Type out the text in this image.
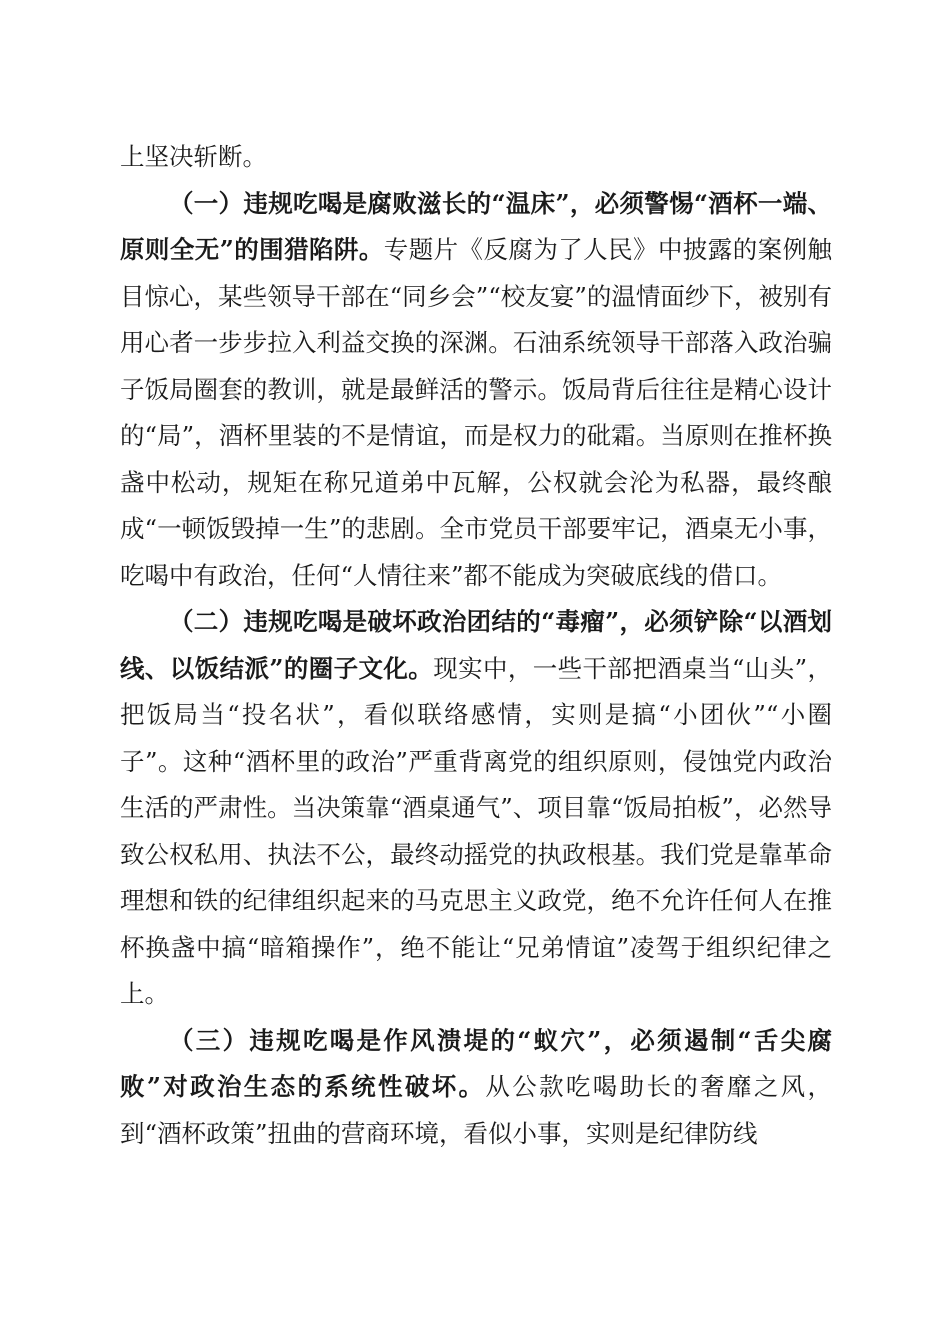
上坚决斩断。

（一）违规吃喝是腐败滋长的“温床”，必须警惕“酒杯一端、原则全无”的围猎陷阱。专题片《反腐为了人民》中披露的案例触目惊心，某些领导干部在“同乡会”“校友宴”的温情面纱下，被别有用心者一步步拉入利益交换的深渊。石油系统领导干部落入政治骗子饭局圈套的教训，就是最鲜活的警示。饭局背后往往是精心设计的“局”，酒杯里装的不是情谊，而是权力的砒霜。当原则在推杯换盏中松动，规矩在称兄道弟中瓦解，公权就会沦为私器，最终酿成“一顿饭毁掉一生”的悲剧。全市党员干部要牢记，酒桌无小事，吃喝中有政治，任何“人情往来”都不能成为突破底线的借口。

（二）违规吃喝是破坏政治团结的“毒瘤”，必须铲除“以酒划线、以饭结派”的圈子文化。现实中，一些干部把酒桌当“山头”，把饭局当“投名状”，看似联络感情，实则是搞“小团伙”“小圈子”。这种“酒杯里的政治”严重背离党的组织原则，侵蚀党内政治生活的严肃性。当决策靠“酒桌通气”、项目靠“饭局拍板”，必然导致公权私用、执法不公，最终动摇党的执政根基。我们党是靠革命理想和铁的纪律组织起来的马克思主义政党，绝不允许任何人在推杯换盏中搞“暗箱操作”，绝不能让“兄弟情谊”凌驾于组织纪律之上。

（三）违规吃喝是作风溃堤的“蚁穴”，必须遏制“舌尖腐败”对政治生态的系统性破坏。从公款吃喝助长的奢靡之风，到“酒杯政策”扭曲的营商环境，看似小事，实则是纪律防线
